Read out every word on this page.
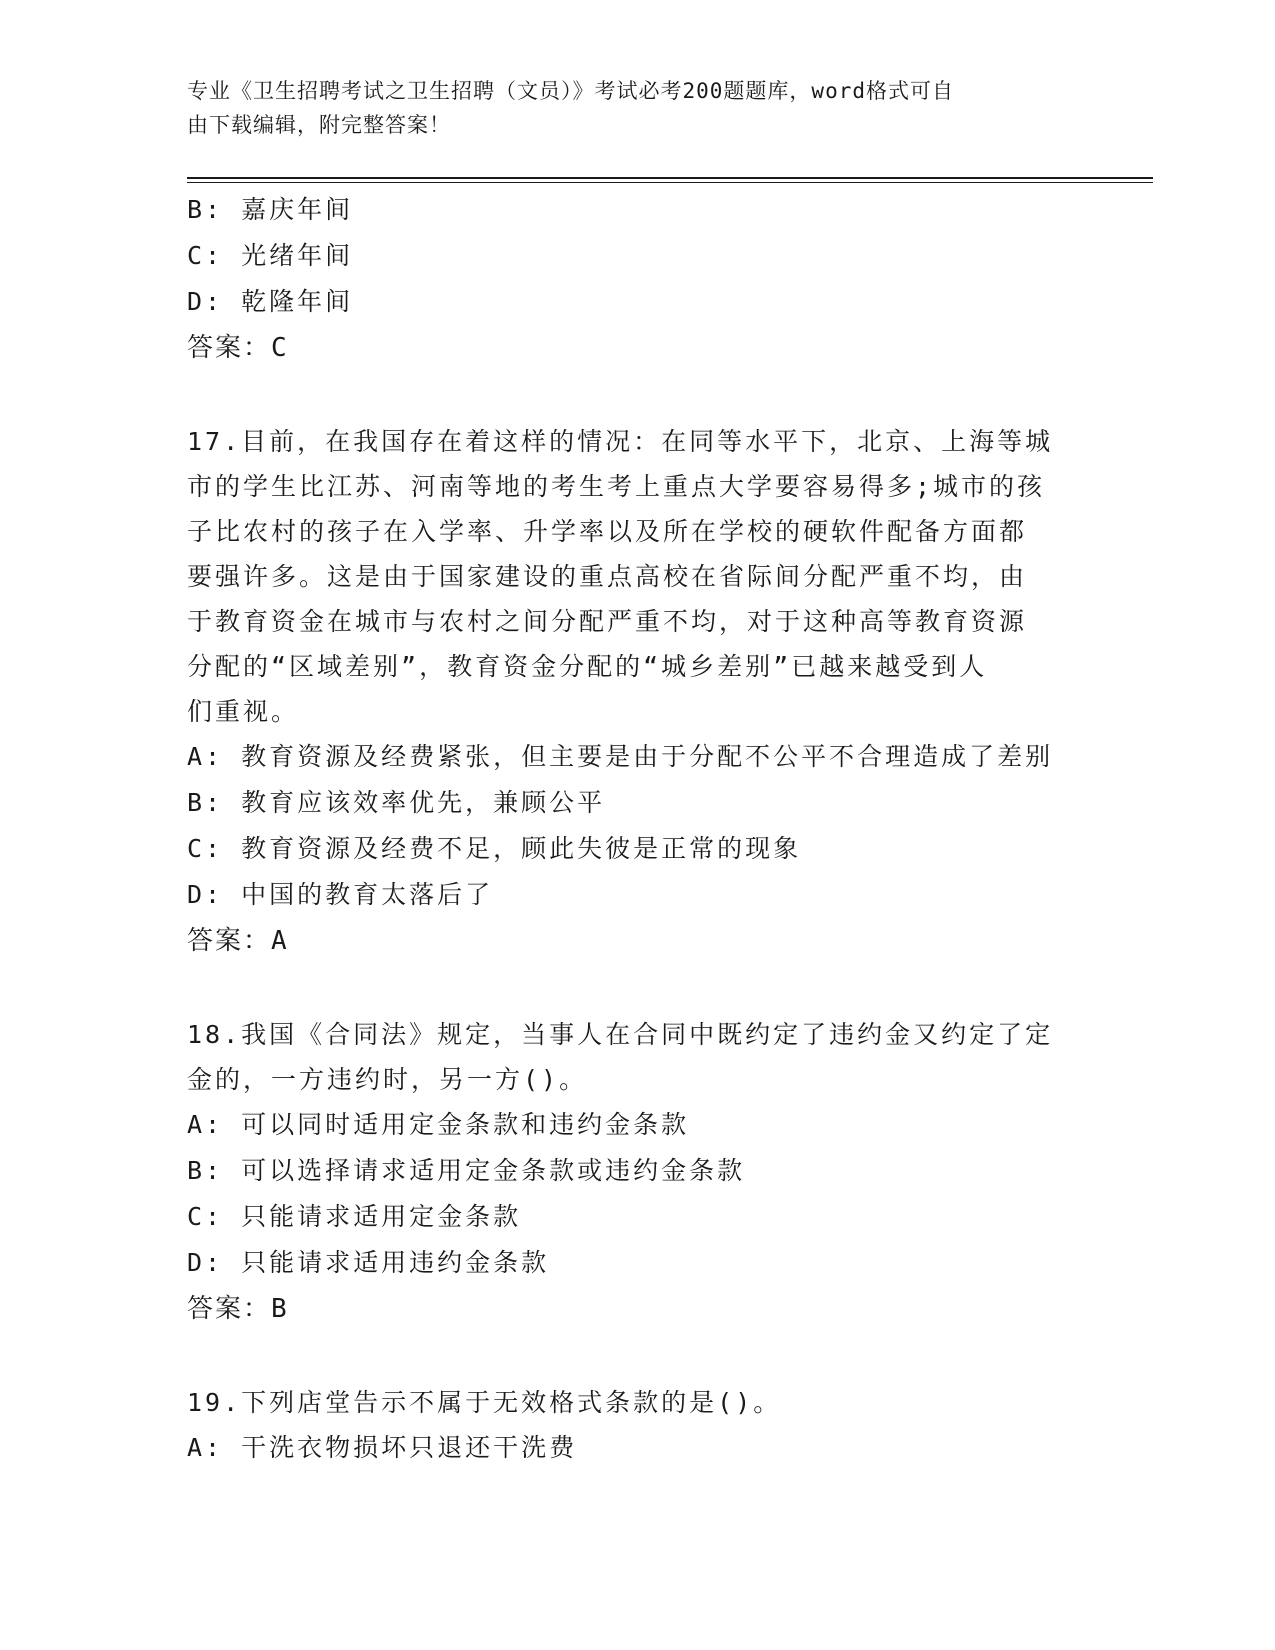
专业《卫生招聘考试之卫生招聘（文员）》考试必考200题题库，word格式可自
由下载编辑，附完整答案！
B: 嘉庆年间
C: 光绪年间
D: 乾隆年间
答案：C
17.目前，在我国存在着这样的情况：在同等水平下，北京、上海等城
市的学生比江苏、河南等地的考生考上重点大学要容易得多;城市的孩
子比农村的孩子在入学率、升学率以及所在学校的硬软件配备方面都
要强许多。这是由于国家建设的重点高校在省际间分配严重不均，由
于教育资金在城市与农村之间分配严重不均，对于这种高等教育资源
分配的“区域差别”，教育资金分配的“城乡差别”已越来越受到人
们重视。
A: 教育资源及经费紧张，但主要是由于分配不公平不合理造成了差别
B: 教育应该效率优先，兼顾公平
C: 教育资源及经费不足，顾此失彼是正常的现象
D: 中国的教育太落后了
答案：A
18.我国《合同法》规定，当事人在合同中既约定了违约金又约定了定
金的，一方违约时，另一方()。
A: 可以同时适用定金条款和违约金条款
B: 可以选择请求适用定金条款或违约金条款
C: 只能请求适用定金条款
D: 只能请求适用违约金条款
答案：B
19.下列店堂告示不属于无效格式条款的是()。
A: 干洗衣物损坏只退还干洗费
